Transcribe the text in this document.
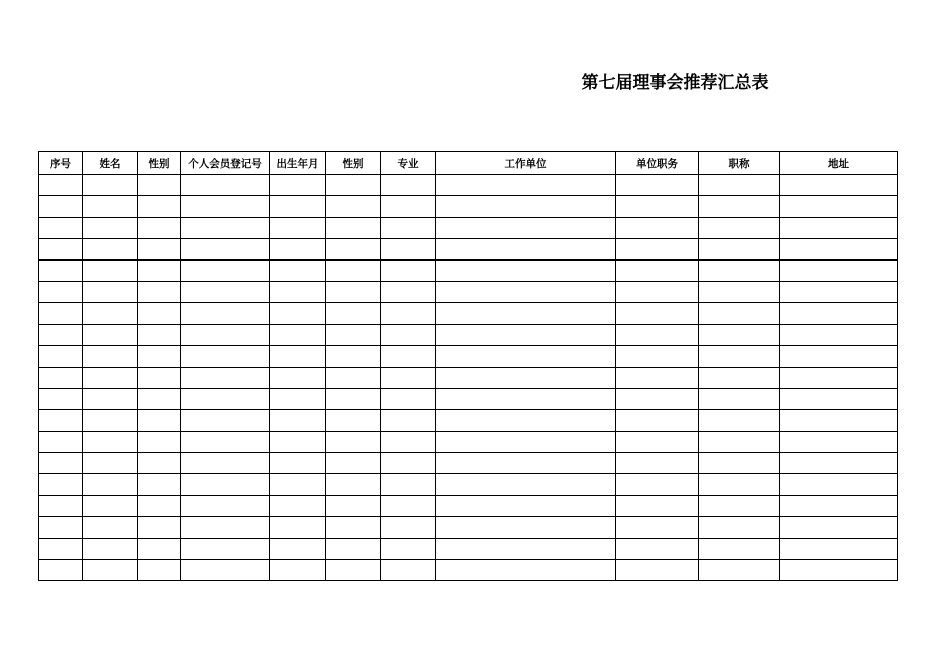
第七届理事会推荐汇总表
序号	姓名	性别	个人会员登记号	出生年月	性别	专业	工作单位	单位职务	职称	地址
